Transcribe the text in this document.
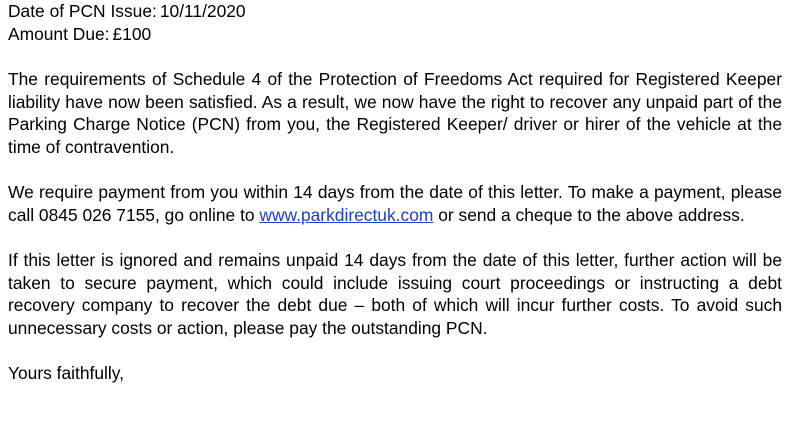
Date of PCN Issue: 10/11/2020

Amount Due: £100

The requirements of Schedule 4 of the Protection of Freedoms Act required for Registered Keeper liability have now been satisfied. As a result, we now have the right to recover any unpaid part of the Parking Charge Notice (PCN) from you, the Registered Keeper/ driver or hirer of the vehicle at the time of contravention.

We require payment from you within 14 days from the date of this letter. To make a payment, please call 0845 026 7155, go online to www.parkdirectuk.com or send a cheque to the above address.

If this letter is ignored and remains unpaid 14 days from the date of this letter, further action will be taken to secure payment, which could include issuing court proceedings or instructing a debt recovery company to recover the debt due – both of which will incur further costs. To avoid such unnecessary costs or action, please pay the outstanding PCN.

Yours faithfully,
